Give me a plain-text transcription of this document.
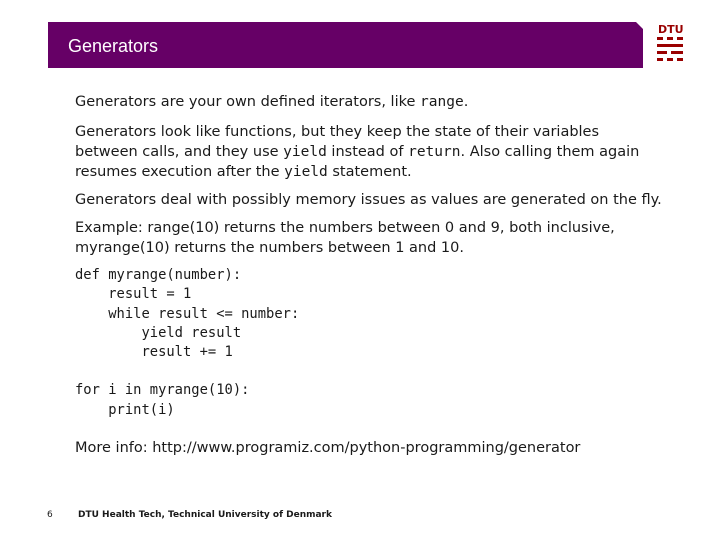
Generators
DTU

Generators are your own defined iterators, like range.

Generators look like functions, but they keep the state of their variables between calls, and they use yield instead of return. Also calling them again resumes execution after the yield statement.

Generators deal with possibly memory issues as values are generated on the fly.

Example: range(10) returns the numbers between 0 and 9, both inclusive, myrange(10) returns the numbers between 1 and 10.

def myrange(number):
result = 1
while result <= number:
yield result
result += 1
for i in myrange(10):
print(i)

More info: http://www.programiz.com/python-programming/generator

6	DTU Health Tech, Technical University of Denmark
